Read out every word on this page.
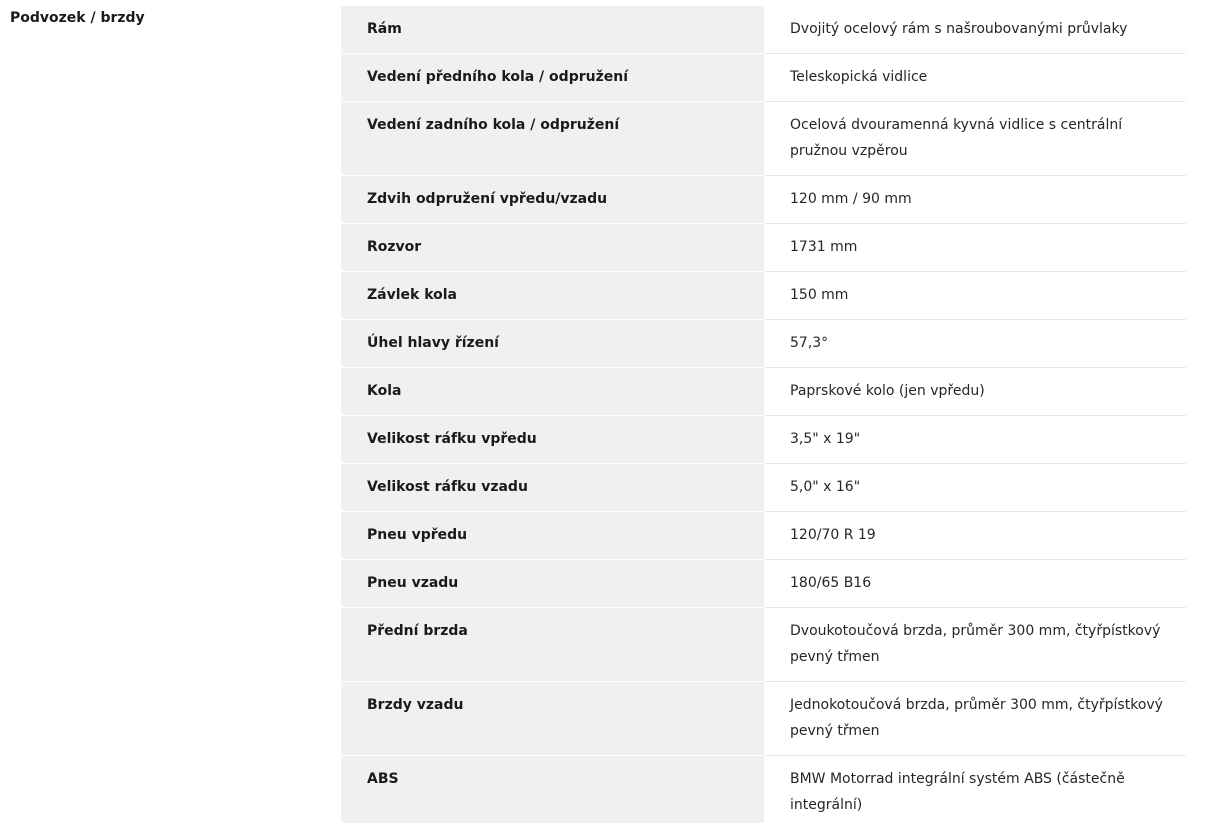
Podvozek / brzdy
Rám	Dvojitý ocelový rám s našroubovanými průvlaky
Vedení předního kola / odpružení	Teleskopická vidlice
Vedení zadního kola / odpružení	Ocelová dvouramenná kyvná vidlice s centrální pružnou vzpěrou
Zdvih odpružení vpředu/vzadu	120 mm / 90 mm
Rozvor	1731 mm
Závlek kola	150 mm
Úhel hlavy řízení	57,3°
Kola	Paprskové kolo (jen vpředu)
Velikost ráfku vpředu	3,5" x 19"
Velikost ráfku vzadu	5,0" x 16"
Pneu vpředu	120/70 R 19
Pneu vzadu	180/65 B16
Přední brzda	Dvoukotoučová brzda, průměr 300 mm, čtyřpístkový pevný třmen
Brzdy vzadu	Jednokotoučová brzda, průměr 300 mm, čtyřpístkový pevný třmen
ABS	BMW Motorrad integrální systém ABS (částečně integrální)
